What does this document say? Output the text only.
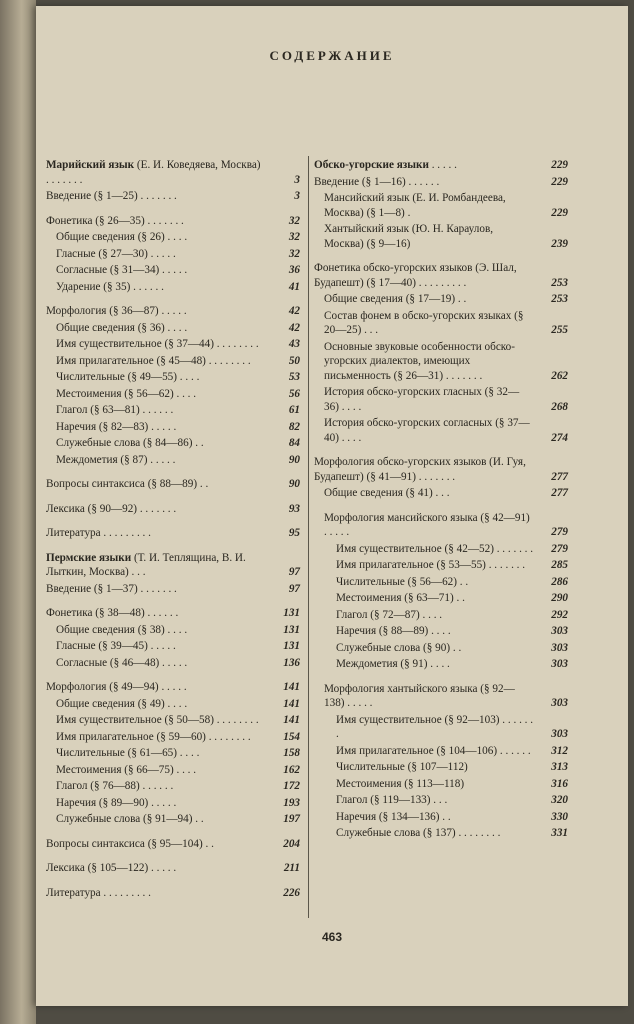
СОДЕРЖАНИЕ
Марийский язык (Е. И. Коведяева, Москва) . . . . . . .	3
Введение (§ 1—25) . . . . . . .	3
Фонетика (§ 26—35) . . . . . . .	32
Общие сведения (§ 26) . . . .	32
Гласные (§ 27—30) . . . . .	32
Согласные (§ 31—34) . . . . .	36
Ударение (§ 35) . . . . . .	41
Морфология (§ 36—87) . . . . .	42
Общие сведения (§ 36) . . . .	42
Имя существительное (§ 37—44) . . . . . . . .	43
Имя прилагательное (§ 45—48) . . . . . . . .	50
Числительные (§ 49—55) . . . .	53
Местоимения (§ 56—62) . . . .	56
Глагол (§ 63—81) . . . . . .	61
Наречия (§ 82—83) . . . . .	82
Служебные слова (§ 84—86) . .	84
Междометия (§ 87) . . . . .	90
Вопросы синтаксиса (§ 88—89) . .	90
Лексика (§ 90—92) . . . . . . .	93
Литература . . . . . . . . .	95
Пермские языки (Т. И. Теплящина, В. И. Лыткин, Москва) . . .	97
Введение (§ 1—37) . . . . . . .	97
Фонетика (§ 38—48) . . . . . .	131
Общие сведения (§ 38) . . . .	131
Гласные (§ 39—45) . . . . .	131
Согласные (§ 46—48) . . . . .	136
Морфология (§ 49—94) . . . . .	141
Общие сведения (§ 49) . . . .	141
Имя существительное (§ 50—58) . . . . . . . .	141
Имя прилагательное (§ 59—60) . . . . . . . .	154
Числительные (§ 61—65) . . . .	158
Местоимения (§ 66—75) . . . .	162
Глагол (§ 76—88) . . . . . .	172
Наречия (§ 89—90) . . . . .	193
Служебные слова (§ 91—94) . .	197
Вопросы синтаксиса (§ 95—104) . .	204
Лексика (§ 105—122) . . . . .	211
Литература . . . . . . . . .	226
Обско-угорские языки . . . . .	229
Введение (§ 1—16) . . . . . .	229
Мансийский язык (Е. И. Ромбандеева, Москва) (§ 1—8) .	229
Хантыйский язык (Ю. Н. Караулов, Москва) (§ 9—16)	239
Фонетика обско-угорских языков (Э. Шал, Будапешт) (§ 17—40) . . . . . . . . .	253
Общие сведения (§ 17—19) . .	253
Состав фонем в обско-угорских языках (§ 20—25) . . .	255
Основные звуковые особенности обско-угорских диалектов, имеющих письменность (§ 26—31) . . . . . . .	262
История обско-угорских гласных (§ 32—36) . . . .	268
История обско-угорских согласных (§ 37—40) . . . .	274
Морфология обско-угорских языков (И. Гуя, Будапешт) (§ 41—91) . . . . . . .	277
Общие сведения (§ 41) . . .	277
Морфология мансийского языка (§ 42—91) . . . . .	279
Имя существительное (§ 42—52) . . . . . . .	279
Имя прилагательное (§ 53—55) . . . . . . .	285
Числительные (§ 56—62) . .	286
Местоимения (§ 63—71) . .	290
Глагол (§ 72—87) . . . .	292
Наречия (§ 88—89) . . . .	303
Служебные слова (§ 90) . .	303
Междометия (§ 91) . . . .	303
Морфология хантыйского языка (§ 92—138) . . . . .	303
Имя существительное (§ 92—103) . . . . . . .	303
Имя прилагательное (§ 104—106) . . . . . .	312
Числительные (§ 107—112)	313
Местоимения (§ 113—118)	316
Глагол (§ 119—133) . . .	320
Наречия (§ 134—136) . .	330
Служебные слова (§ 137) . . . . . . . .	331
463
